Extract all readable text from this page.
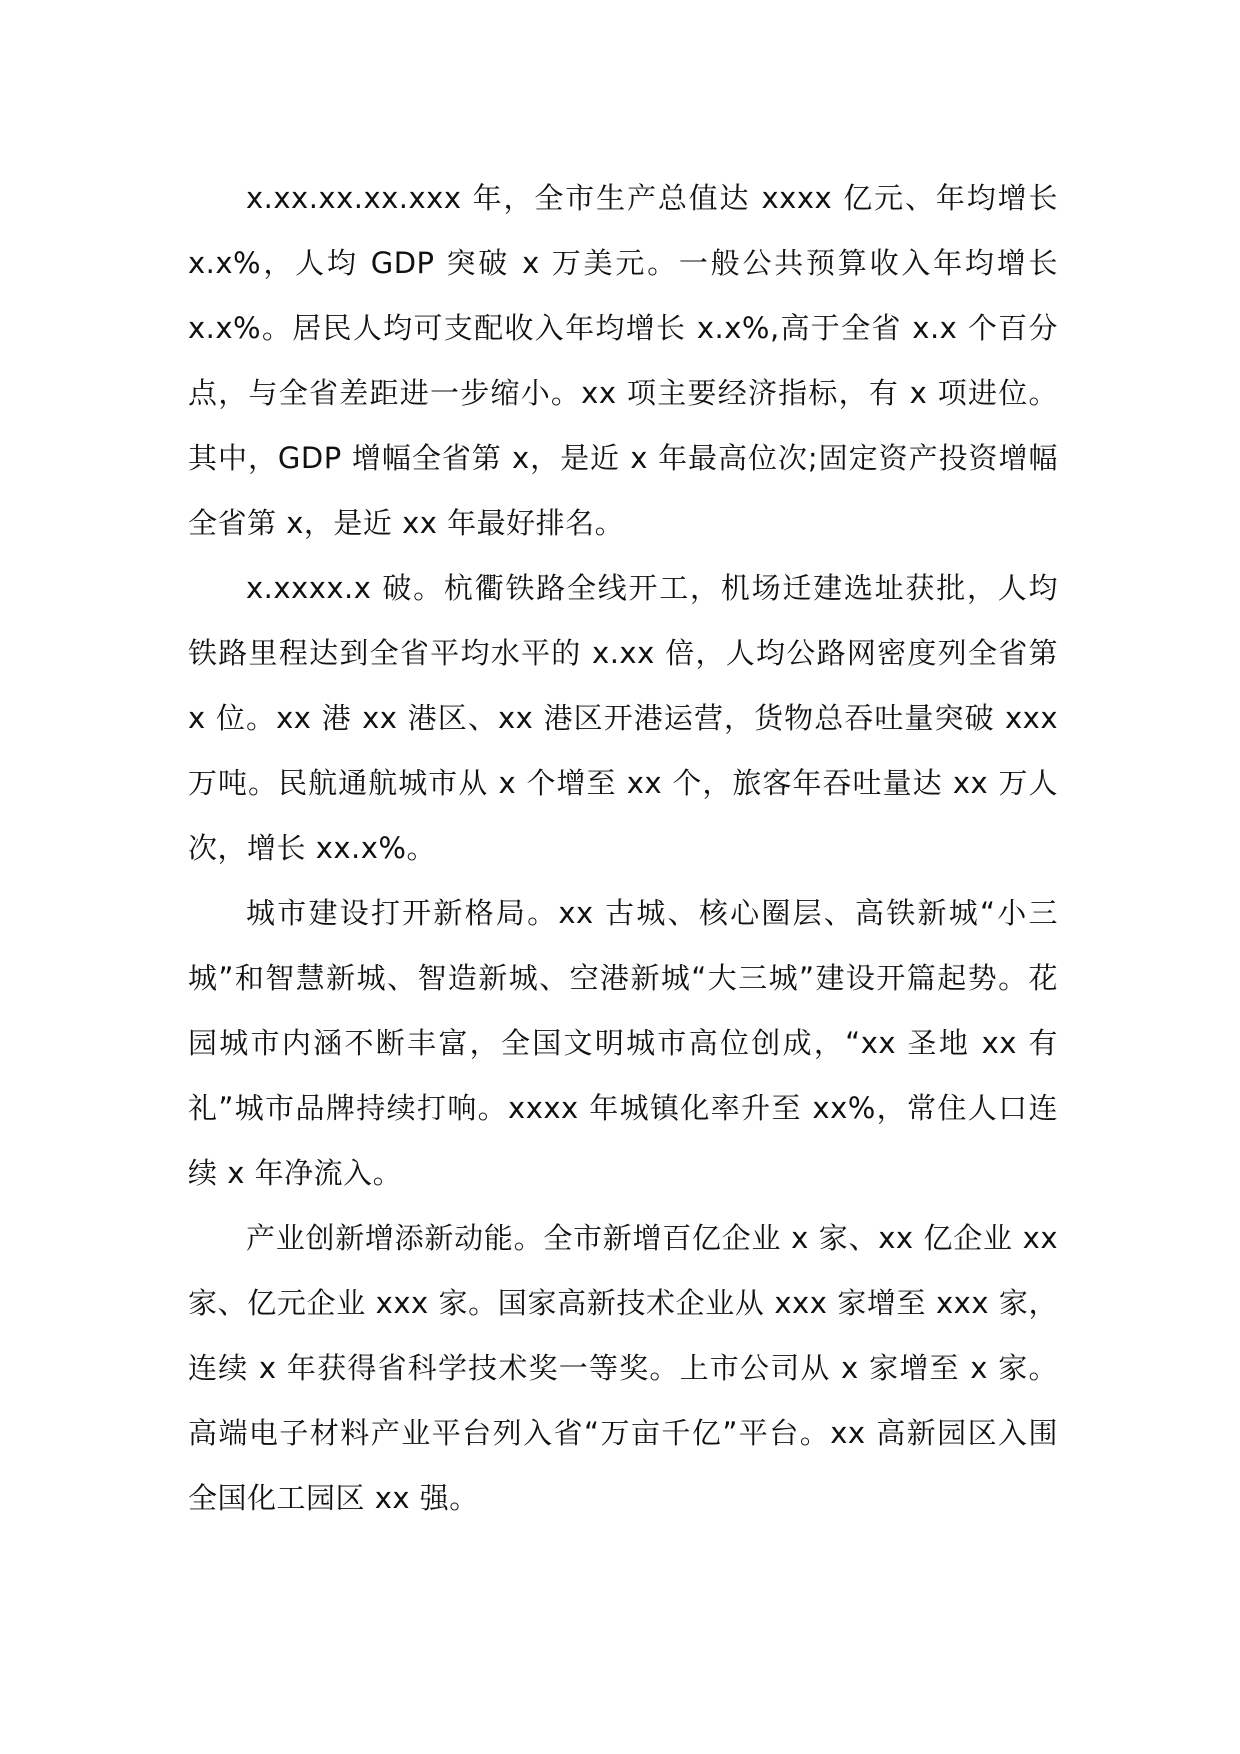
x.xx.xx.xx.xxx 年，全市生产总值达 xxxx 亿元、年均增长 x.x%，人均 GDP 突破 x 万美元。一般公共预算收入年均增长 x.x%。居民人均可支配收入年均增长 x.x%,高于全省 x.x 个百分点，与全省差距进一步缩小。xx 项主要经济指标，有 x 项进位。其中，GDP 增幅全省第 x，是近 x 年最高位次;固定资产投资增幅全省第 x，是近 xx 年最好排名。

x.xxxx.x 破。杭衢铁路全线开工，机场迁建选址获批，人均铁路里程达到全省平均水平的 x.xx 倍，人均公路网密度列全省第 x 位。xx 港 xx 港区、xx 港区开港运营，货物总吞吐量突破 xxx 万吨。民航通航城市从 x 个增至 xx 个，旅客年吞吐量达 xx 万人次，增长 xx.x%。

城市建设打开新格局。xx 古城、核心圈层、高铁新城“小三城”和智慧新城、智造新城、空港新城“大三城”建设开篇起势。花园城市内涵不断丰富，全国文明城市高位创成，“xx 圣地 xx 有礼”城市品牌持续打响。xxxx 年城镇化率升至 xx%，常住人口连续 x 年净流入。

产业创新增添新动能。全市新增百亿企业 x 家、xx 亿企业 xx 家、亿元企业 xxx 家。国家高新技术企业从 xxx 家增至 xxx 家，连续 x 年获得省科学技术奖一等奖。上市公司从 x 家增至 x 家。高端电子材料产业平台列入省“万亩千亿”平台。xx 高新园区入围全国化工园区 xx 强。
